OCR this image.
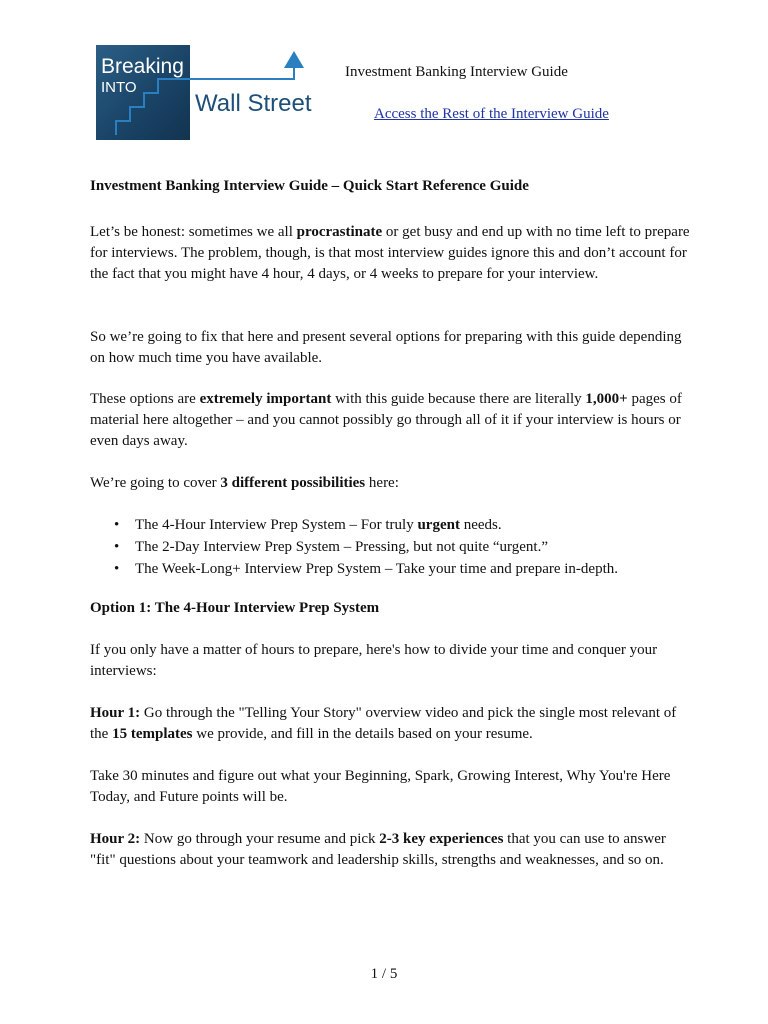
Breaking
INTO
Wall Street
Investment Banking Interview Guide
Access the Rest of the Interview Guide

Investment Banking Interview Guide – Quick Start Reference Guide

Let’s be honest: sometimes we all procrastinate or get busy and end up with no time left to prepare for interviews. The problem, though, is that most interview guides ignore this and don’t account for the fact that you might have 4 hour, 4 days, or 4 weeks to prepare for your interview.

So we’re going to fix that here and present several options for preparing with this guide depending on how much time you have available.

These options are extremely important with this guide because there are literally 1,000+ pages of material here altogether – and you cannot possibly go through all of it if your interview is hours or even days away.

We’re going to cover 3 different possibilities here:

• The 4-Hour Interview Prep System – For truly urgent needs.
• The 2-Day Interview Prep System – Pressing, but not quite “urgent.”
• The Week-Long+ Interview Prep System – Take your time and prepare in-depth.

Option 1: The 4-Hour Interview Prep System

If you only have a matter of hours to prepare, here's how to divide your time and conquer your interviews:

Hour 1: Go through the "Telling Your Story" overview video and pick the single most relevant of the 15 templates we provide, and fill in the details based on your resume.

Take 30 minutes and figure out what your Beginning, Spark, Growing Interest, Why You're Here Today, and Future points will be.

Hour 2: Now go through your resume and pick 2-3 key experiences that you can use to answer "fit" questions about your teamwork and leadership skills, strengths and weaknesses, and so on.

1 / 5
